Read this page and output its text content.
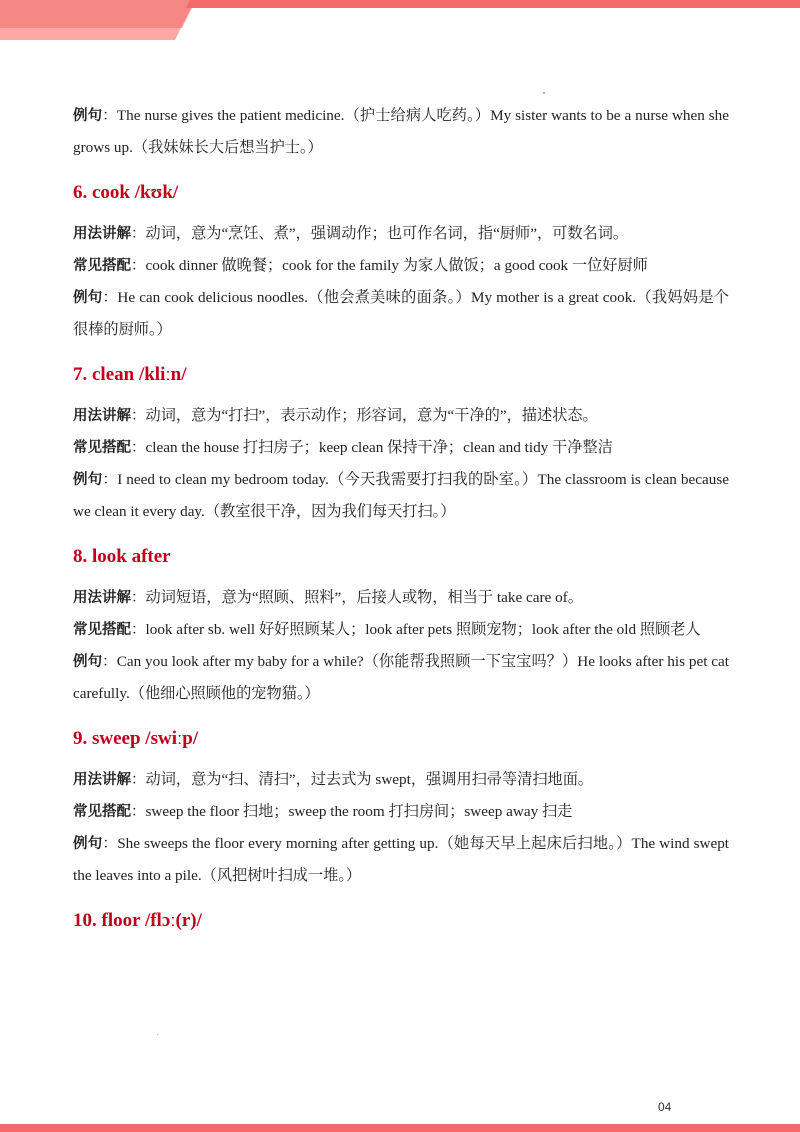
例句：The nurse gives the patient medicine.（护士给病人吃药。）My sister wants to be a nurse when she grows up.（我妹妹长大后想当护士。）

6. cook /kʊk/

用法讲解：动词，意为“烹饪、煮”，强调动作；也可作名词，指“厨师”，可数名词。

常见搭配：cook dinner 做晚餐；cook for the family 为家人做饭；a good cook 一位好厨师

例句：He can cook delicious noodles.（他会煮美味的面条。）My mother is a great cook.（我妈妈是个很棒的厨师。）

7. clean /kliːn/

用法讲解：动词，意为“打扫”，表示动作；形容词，意为“干净的”，描述状态。

常见搭配：clean the house 打扫房子；keep clean 保持干净；clean and tidy 干净整洁

例句：I need to clean my bedroom today.（今天我需要打扫我的卧室。）The classroom is clean because we clean it every day.（教室很干净，因为我们每天打扫。）

8. look after

用法讲解：动词短语，意为“照顾、照料”，后接人或物，相当于 take care of。

常见搭配：look after sb. well 好好照顾某人；look after pets 照顾宠物；look after the old 照顾老人

例句：Can you look after my baby for a while?（你能帮我照顾一下宝宝吗？）He looks after his pet cat carefully.（他细心照顾他的宠物猫。）

9. sweep /swiːp/

用法讲解：动词，意为“扫、清扫”，过去式为 swept，强调用扫帚等清扫地面。

常见搭配：sweep the floor 扫地；sweep the room 打扫房间；sweep away 扫走

例句：She sweeps the floor every morning after getting up.（她每天早上起床后扫地。）The wind swept the leaves into a pile.（风把树叶扫成一堆。）

10. floor /flɔː(r)/
04
